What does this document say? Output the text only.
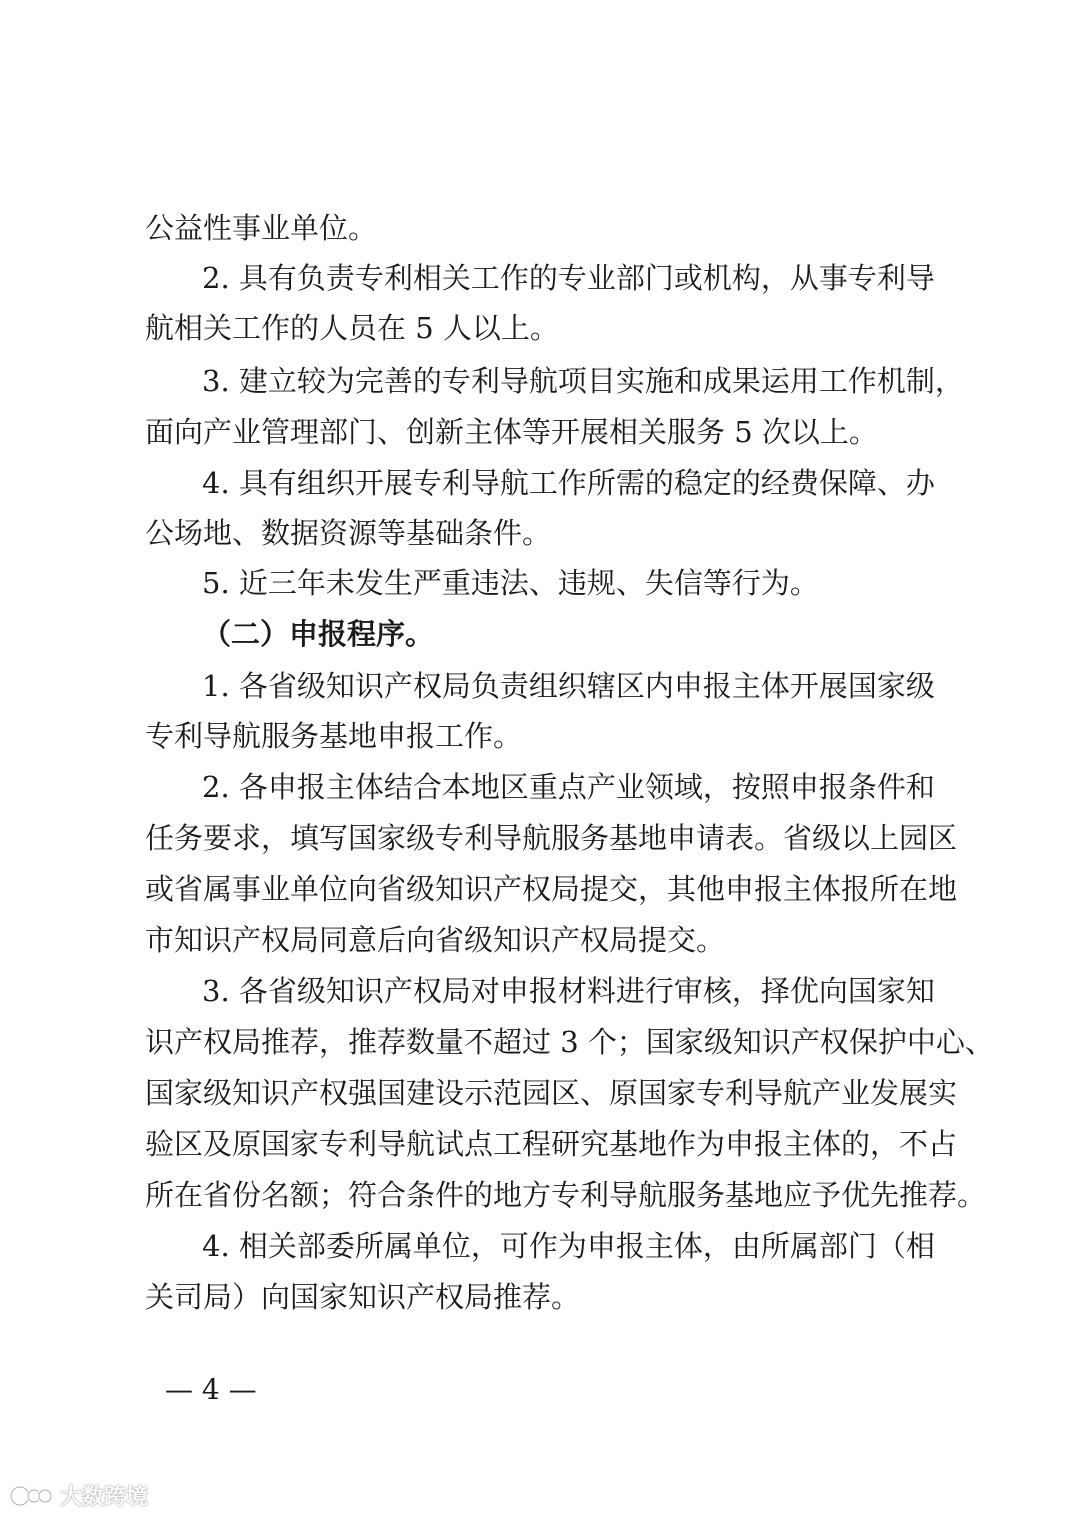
公益性事业单位。
2. 具有负责专利相关工作的专业部门或机构，从事专利导
航相关工作的人员在 5 人以上。
3. 建立较为完善的专利导航项目实施和成果运用工作机制，
面向产业管理部门、创新主体等开展相关服务 5 次以上。
4. 具有组织开展专利导航工作所需的稳定的经费保障、办
公场地、数据资源等基础条件。
5. 近三年未发生严重违法、违规、失信等行为。
（二）申报程序。
1. 各省级知识产权局负责组织辖区内申报主体开展国家级
专利导航服务基地申报工作。
2. 各申报主体结合本地区重点产业领域，按照申报条件和
任务要求，填写国家级专利导航服务基地申请表。省级以上园区
或省属事业单位向省级知识产权局提交，其他申报主体报所在地
市知识产权局同意后向省级知识产权局提交。
3. 各省级知识产权局对申报材料进行审核，择优向国家知
识产权局推荐，推荐数量不超过 3 个；国家级知识产权保护中心、
国家级知识产权强国建设示范园区、原国家专利导航产业发展实
验区及原国家专利导航试点工程研究基地作为申报主体的，不占
所在省份名额；符合条件的地方专利导航服务基地应予优先推荐。
4. 相关部委所属单位，可作为申报主体，由所属部门（相
关司局）向国家知识产权局推荐。
— 4 —
大数跨境
